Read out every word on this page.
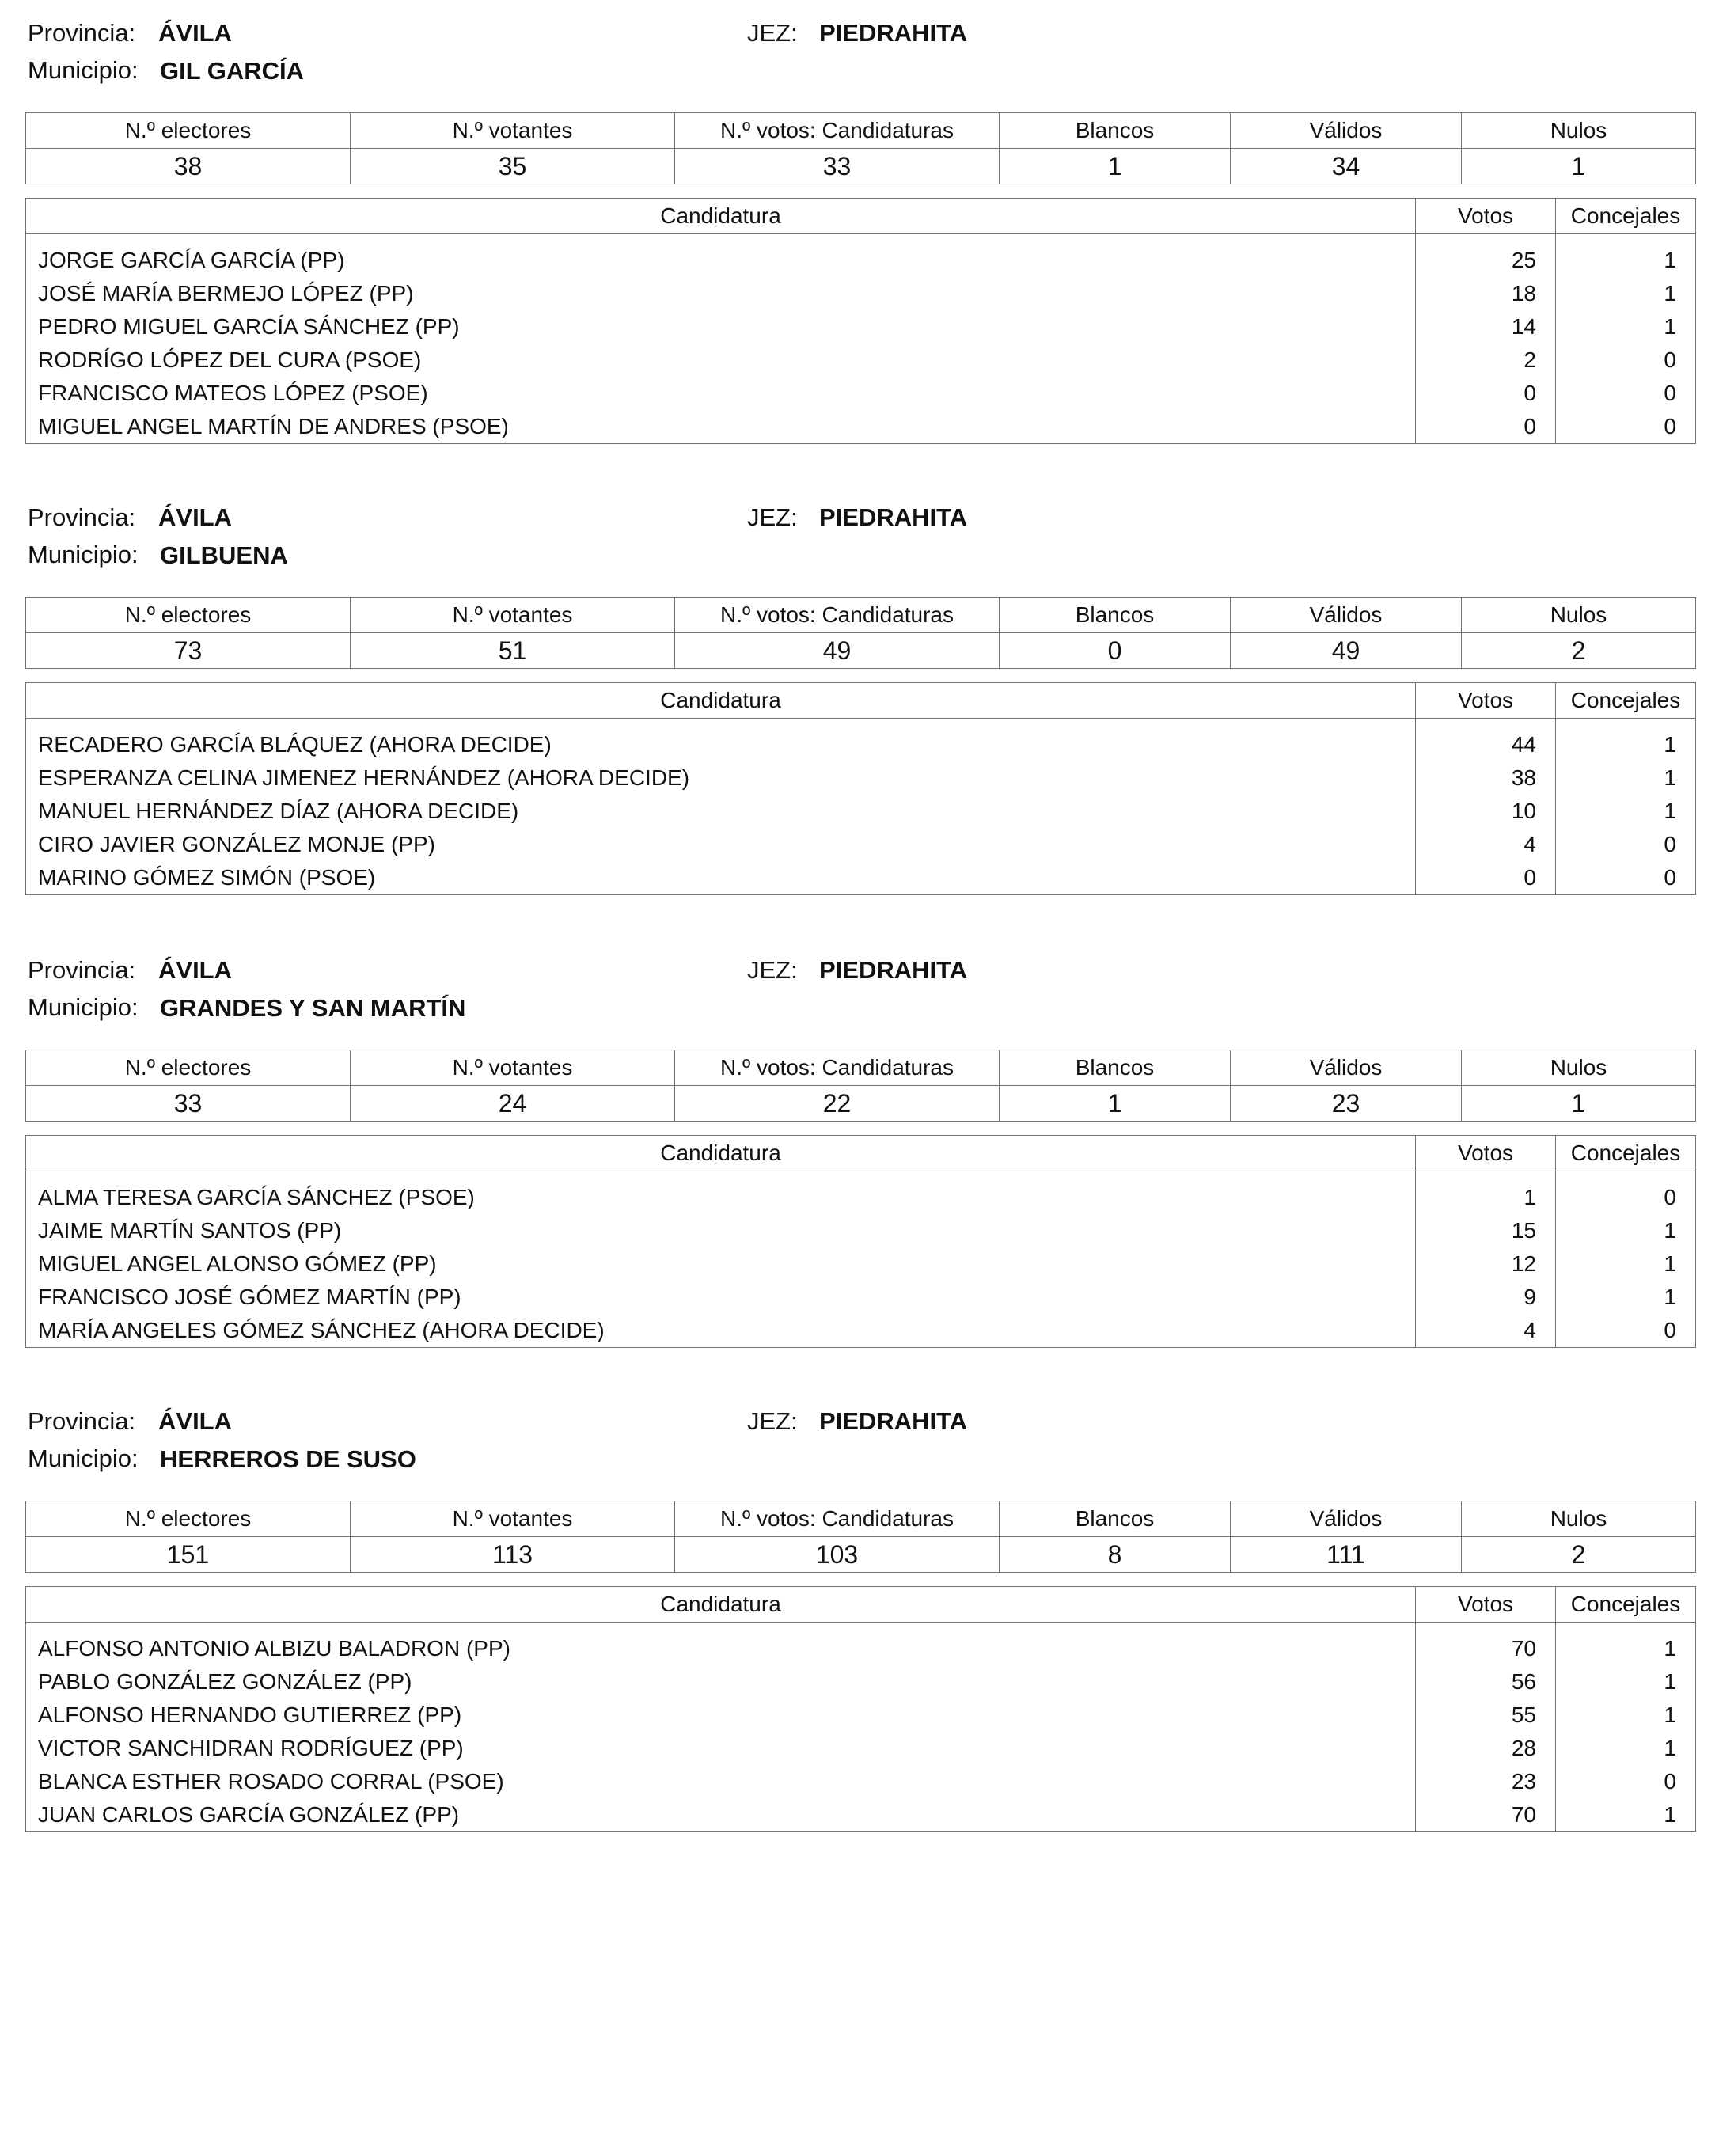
Provincia: ÁVILA	JEZ: PIEDRAHITA
Municipio: GIL GARCÍA
N.º electores	N.º votantes	N.º votos: Candidaturas	Blancos	Válidos	Nulos
38	35	33	1	34	1
Candidatura	Votos	Concejales
JORGE GARCÍA GARCÍA (PP)	25	1
JOSÉ MARÍA BERMEJO LÓPEZ (PP)	18	1
PEDRO MIGUEL GARCÍA SÁNCHEZ (PP)	14	1
RODRÍGO LÓPEZ DEL CURA (PSOE)	2	0
FRANCISCO MATEOS LÓPEZ (PSOE)	0	0
MIGUEL ANGEL MARTÍN DE ANDRES (PSOE)	0	0
Provincia: ÁVILA	JEZ: PIEDRAHITA
Municipio: GILBUENA
N.º electores	N.º votantes	N.º votos: Candidaturas	Blancos	Válidos	Nulos
73	51	49	0	49	2
Candidatura	Votos	Concejales
RECADERO GARCÍA BLÁQUEZ (AHORA DECIDE)	44	1
ESPERANZA CELINA JIMENEZ HERNÁNDEZ (AHORA DECIDE)	38	1
MANUEL HERNÁNDEZ DÍAZ (AHORA DECIDE)	10	1
CIRO JAVIER GONZÁLEZ MONJE (PP)	4	0
MARINO GÓMEZ SIMÓN (PSOE)	0	0
Provincia: ÁVILA	JEZ: PIEDRAHITA
Municipio: GRANDES Y SAN MARTÍN
N.º electores	N.º votantes	N.º votos: Candidaturas	Blancos	Válidos	Nulos
33	24	22	1	23	1
Candidatura	Votos	Concejales
ALMA TERESA GARCÍA SÁNCHEZ (PSOE)	1	0
JAIME MARTÍN SANTOS (PP)	15	1
MIGUEL ANGEL ALONSO GÓMEZ (PP)	12	1
FRANCISCO JOSÉ GÓMEZ MARTÍN (PP)	9	1
MARÍA ANGELES GÓMEZ SÁNCHEZ (AHORA DECIDE)	4	0
Provincia: ÁVILA	JEZ: PIEDRAHITA
Municipio: HERREROS DE SUSO
N.º electores	N.º votantes	N.º votos: Candidaturas	Blancos	Válidos	Nulos
151	113	103	8	111	2
Candidatura	Votos	Concejales
ALFONSO ANTONIO ALBIZU BALADRON (PP)	70	1
PABLO GONZÁLEZ GONZÁLEZ (PP)	56	1
ALFONSO HERNANDO GUTIERREZ (PP)	55	1
VICTOR SANCHIDRAN RODRÍGUEZ (PP)	28	1
BLANCA ESTHER ROSADO CORRAL (PSOE)	23	0
JUAN CARLOS GARCÍA GONZÁLEZ (PP)	70	1
